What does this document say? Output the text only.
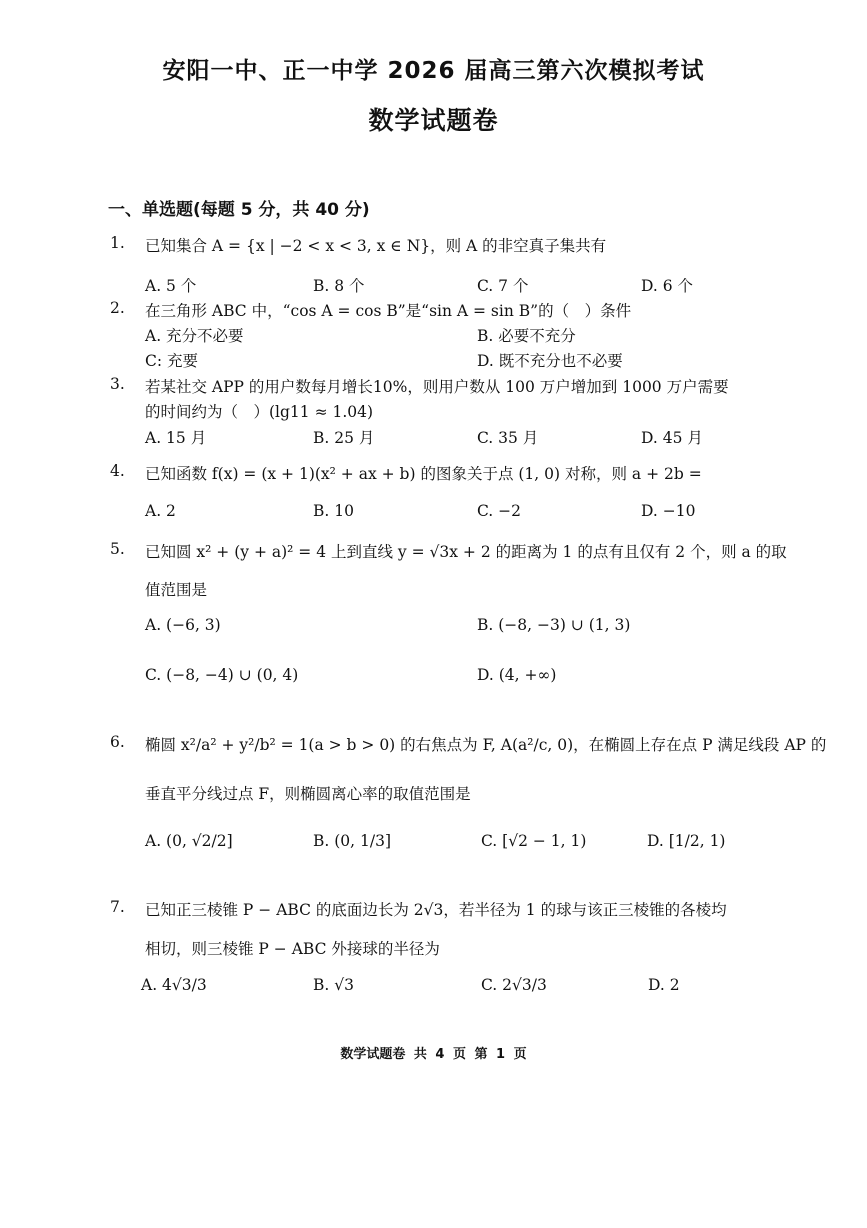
安阳一中、正一中学 2026 届高三第六次模拟考试
数学试题卷
一、单选题(每题 5 分，共 40 分)
1. 已知集合 A = {x | −2 < x < 3, x ∈ N}，则 A 的非空真子集共有
A. 5 个	B. 8 个	C. 7 个	D. 6 个
2. 在三角形 ABC 中，“cos A = cos B”是“sin A = sin B”的（　）条件
A. 充分不必要	B. 必要不充分
C: 充要	D. 既不充分也不必要
3. 若某社交 APP 的用户数每月增长10%，则用户数从 100 万户增加到 1000 万户需要
的时间约为（　）(lg11 ≈ 1.04)
A. 15 月	B. 25 月	C. 35 月	D. 45 月
4. 已知函数 f(x) = (x + 1)(x² + ax + b) 的图象关于点 (1, 0) 对称，则 a + 2b =
A. 2	B. 10	C. −2	D. −10
5. 已知圆 x² + (y + a)² = 4 上到直线 y = √3x + 2 的距离为 1 的点有且仅有 2 个，则 a 的取
值范围是
A. (−6, 3)	B. (−8, −3) ∪ (1, 3)
C. (−8, −4) ∪ (0, 4)	D. (4, +∞)
6. 椭圆 x²/a² + y²/b² = 1(a > b > 0) 的右焦点为 F, A(a²/c, 0)，在椭圆上存在点 P 满足线段 AP 的
垂直平分线过点 F，则椭圆离心率的取值范围是
A. (0, √2/2]	B. (0, 1/3]	C. [√2 − 1, 1)	D. [1/2, 1)
7. 已知正三棱锥 P − ABC 的底面边长为 2√3，若半径为 1 的球与该正三棱锥的各棱均
相切，则三棱锥 P − ABC 外接球的半径为
A. 4√3/3	B. √3	C. 2√3/3	D. 2
数学试题卷 共 4 页 第 1 页
